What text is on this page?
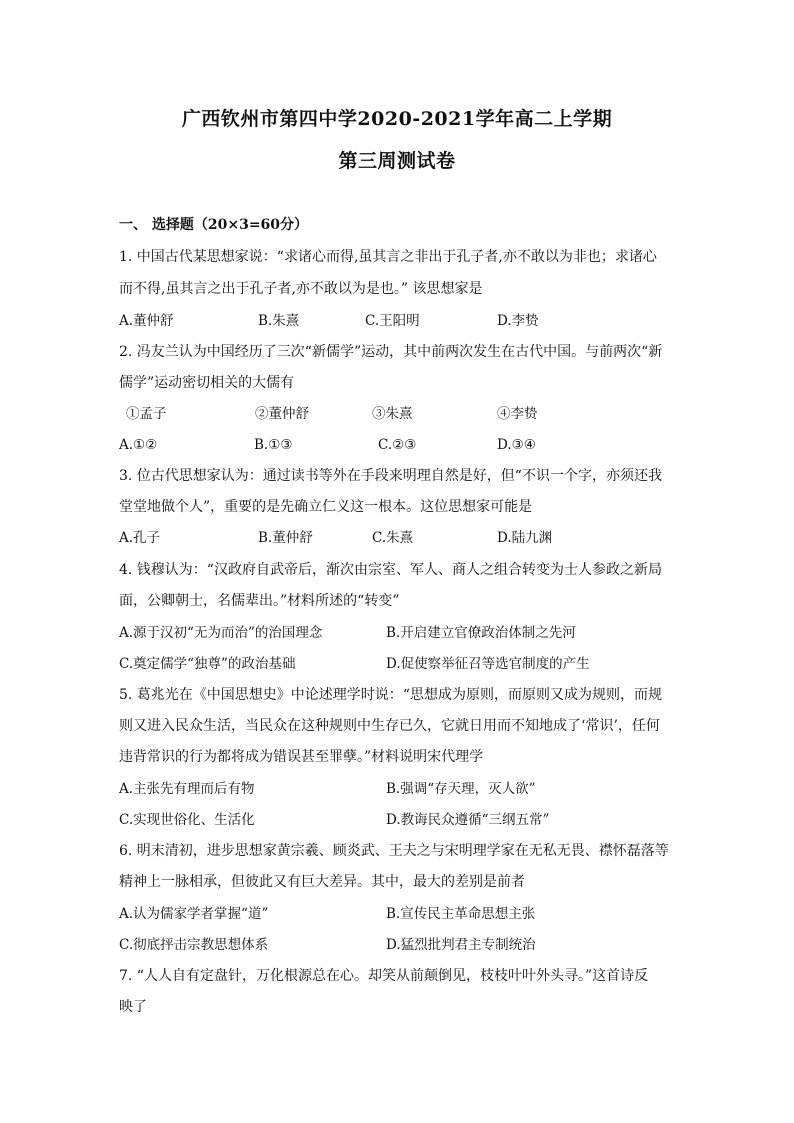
广西钦州市第四中学2020-2021学年高二上学期
第三周测试卷
一、 选择题（20×3=60分）
1. 中国古代某思想家说：“求诸心而得,虽其言之非出于孔子者,亦不敢以为非也；求诸心
而不得,虽其言之出于孔子者,亦不敢以为是也。” 该思想家是
A.董仲舒	B.朱熹	C.王阳明	D.李贽
2. 冯友兰认为中国经历了三次“新儒学”运动，其中前两次发生在古代中国。与前两次“新
儒学”运动密切相关的大儒有
①孟子	②董仲舒	③朱熹	④李贽
A.①②	B.①③	C.②③	D.③④
3. 位古代思想家认为：通过读书等外在手段来明理自然是好，但“不识一个字，亦须还我
堂堂地做个人”，重要的是先确立仁义这一根本。这位思想家可能是
A.孔子	B.董仲舒	C.朱熹	D.陆九渊
4. 钱穆认为：“汉政府自武帝后，渐次由宗室、军人、商人之组合转变为士人参政之新局
面，公卿朝士，名儒辈出。”材料所述的“转变”
A.源于汉初“无为而治”的治国理念	B.开启建立官僚政治体制之先河
C.奠定儒学“独尊”的政治基础	D.促使察举征召等选官制度的产生
5. 葛兆光在《中国思想史》中论述理学时说：“思想成为原则，而原则又成为规则，而规
则又进入民众生活，当民众在这种规则中生存已久，它就日用而不知地成了‘常识’，任何
违背常识的行为都将成为错误甚至罪孽。”材料说明宋代理学
A.主张先有理而后有物	B.强调“存天理，灭人欲”
C.实现世俗化、生活化	D.教诲民众遵循“三纲五常”
6. 明末清初，进步思想家黄宗羲、顾炎武、王夫之与宋明理学家在无私无畏、襟怀磊落等
精神上一脉相承，但彼此又有巨大差异。其中，最大的差别是前者
A.认为儒家学者掌握“道”	B.宣传民主革命思想主张
C.彻底抨击宗教思想体系	D.猛烈批判君主专制统治
7. “人人自有定盘针，万化根源总在心。却笑从前颠倒见，枝枝叶叶外头寻。”这首诗反
映了
